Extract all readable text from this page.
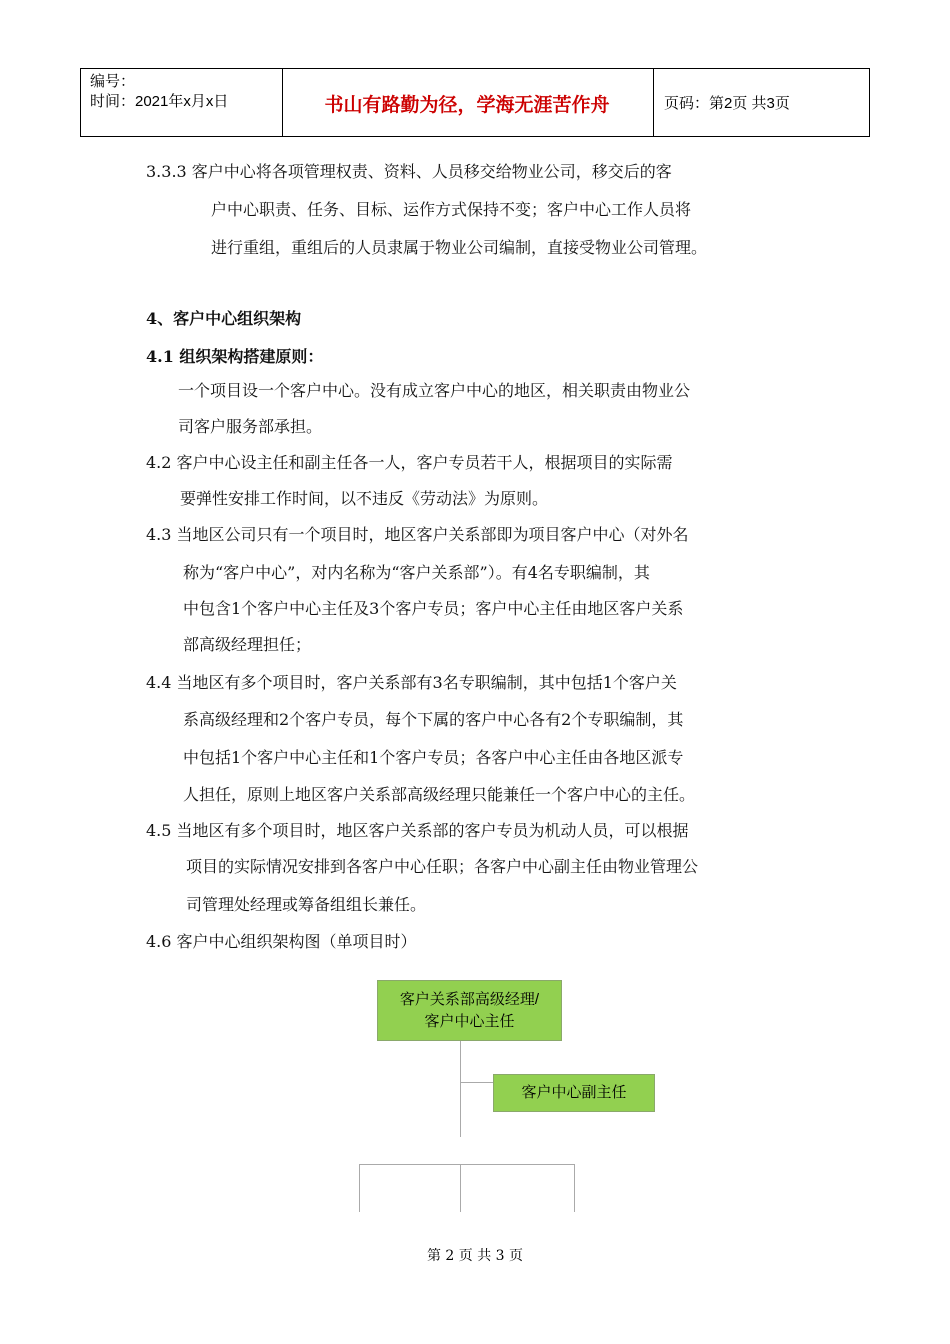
编号：
时间：2021年x月x日	书山有路勤为径，学海无涯苦作舟	页码：第2页 共3页
3.3.3 客户中心将各项管理权责、资料、人员移交给物业公司，移交后的客
户中心职责、任务、目标、运作方式保持不变；客户中心工作人员将
进行重组，重组后的人员隶属于物业公司编制，直接受物业公司管理。
4、客户中心组织架构
4.1 组织架构搭建原则：
一个项目设一个客户中心。没有成立客户中心的地区，相关职责由物业公
司客户服务部承担。
4.2 客户中心设主任和副主任各一人，客户专员若干人，根据项目的实际需
要弹性安排工作时间，以不违反《劳动法》为原则。
4.3 当地区公司只有一个项目时，地区客户关系部即为项目客户中心（对外名
称为“客户中心”，对内名称为“客户关系部”）。有4名专职编制，其
中包含1个客户中心主任及3个客户专员；客户中心主任由地区客户关系
部高级经理担任；
4.4 当地区有多个项目时，客户关系部有3名专职编制，其中包括1个客户关
系高级经理和2个客户专员，每个下属的客户中心各有2个专职编制，其
中包括1个客户中心主任和1个客户专员；各客户中心主任由各地区派专
人担任，原则上地区客户关系部高级经理只能兼任一个客户中心的主任。
4.5 当地区有多个项目时，地区客户关系部的客户专员为机动人员，可以根据
项目的实际情况安排到各客户中心任职；各客户中心副主任由物业管理公
司管理处经理或筹备组组长兼任。
4.6 客户中心组织架构图（单项目时）
客户关系部高级经理/
客户中心主任
客户中心副主任
第 2 页 共 3 页
